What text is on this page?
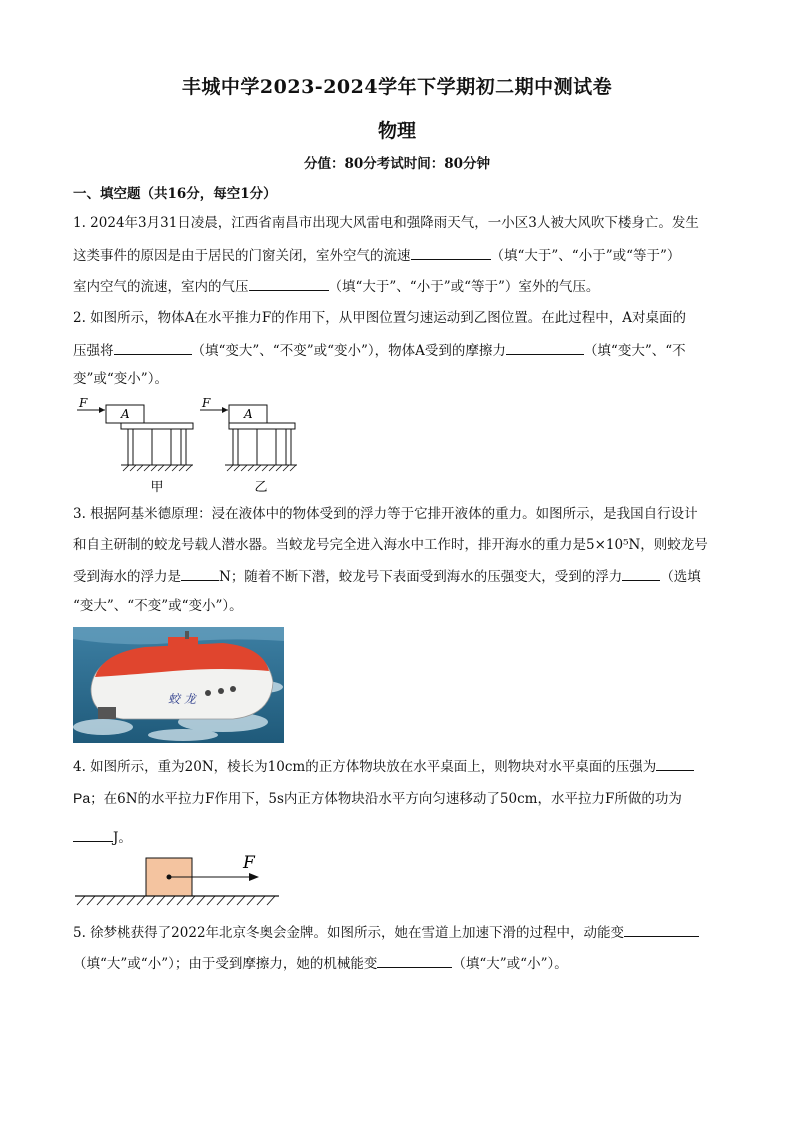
丰城中学2023-2024学年下学期初二期中测试卷
物理
分值：80分考试时间：80分钟
一、填空题（共16分，每空1分）
1. 2024年3月31日凌晨，江西省南昌市出现大风雷电和强降雨天气，一小区3人被大风吹下楼身亡。发生
这类事件的原因是由于居民的门窗关闭，室外空气的流速	（填“大于”、“小于”或“等于”）
室内空气的流速，室内的气压	（填“大于”、“小于”或“等于”）室外的气压。
2. 如图所示，物体A在水平推力F的作用下，从甲图位置匀速运动到乙图位置。在此过程中，A对桌面的
压强将	（填“变大”、“不变”或“变小”），物体A受到的摩擦力	（填“变大”、“不
变”或“变小”）。
F
A
甲
F
A
乙
3. 根据阿基米德原理：浸在液体中的物体受到的浮力等于它排开液体的重力。如图所示，是我国自行设计
和自主研制的蛟龙号载人潜水器。当蛟龙号完全进入海水中工作时，排开海水的重力是5×10⁵N，则蛟龙号
受到海水的浮力是	N；随着不断下潜，蛟龙号下表面受到海水的压强变大，受到的浮力	（选填
“变大”、“不变”或“变小”）。
蛟 龙
4. 如图所示，重为20N，棱长为10cm的正方体物块放在水平桌面上，则物块对水平桌面的压强为
Pa；在6N的水平拉力F作用下，5s内正方体物块沿水平方向匀速移动了50cm，水平拉力F所做的功为
J。
F
5. 徐梦桃获得了2022年北京冬奥会金牌。如图所示，她在雪道上加速下滑的过程中，动能变
（填“大”或“小”）；由于受到摩擦力，她的机械能变	（填“大”或“小”）。
